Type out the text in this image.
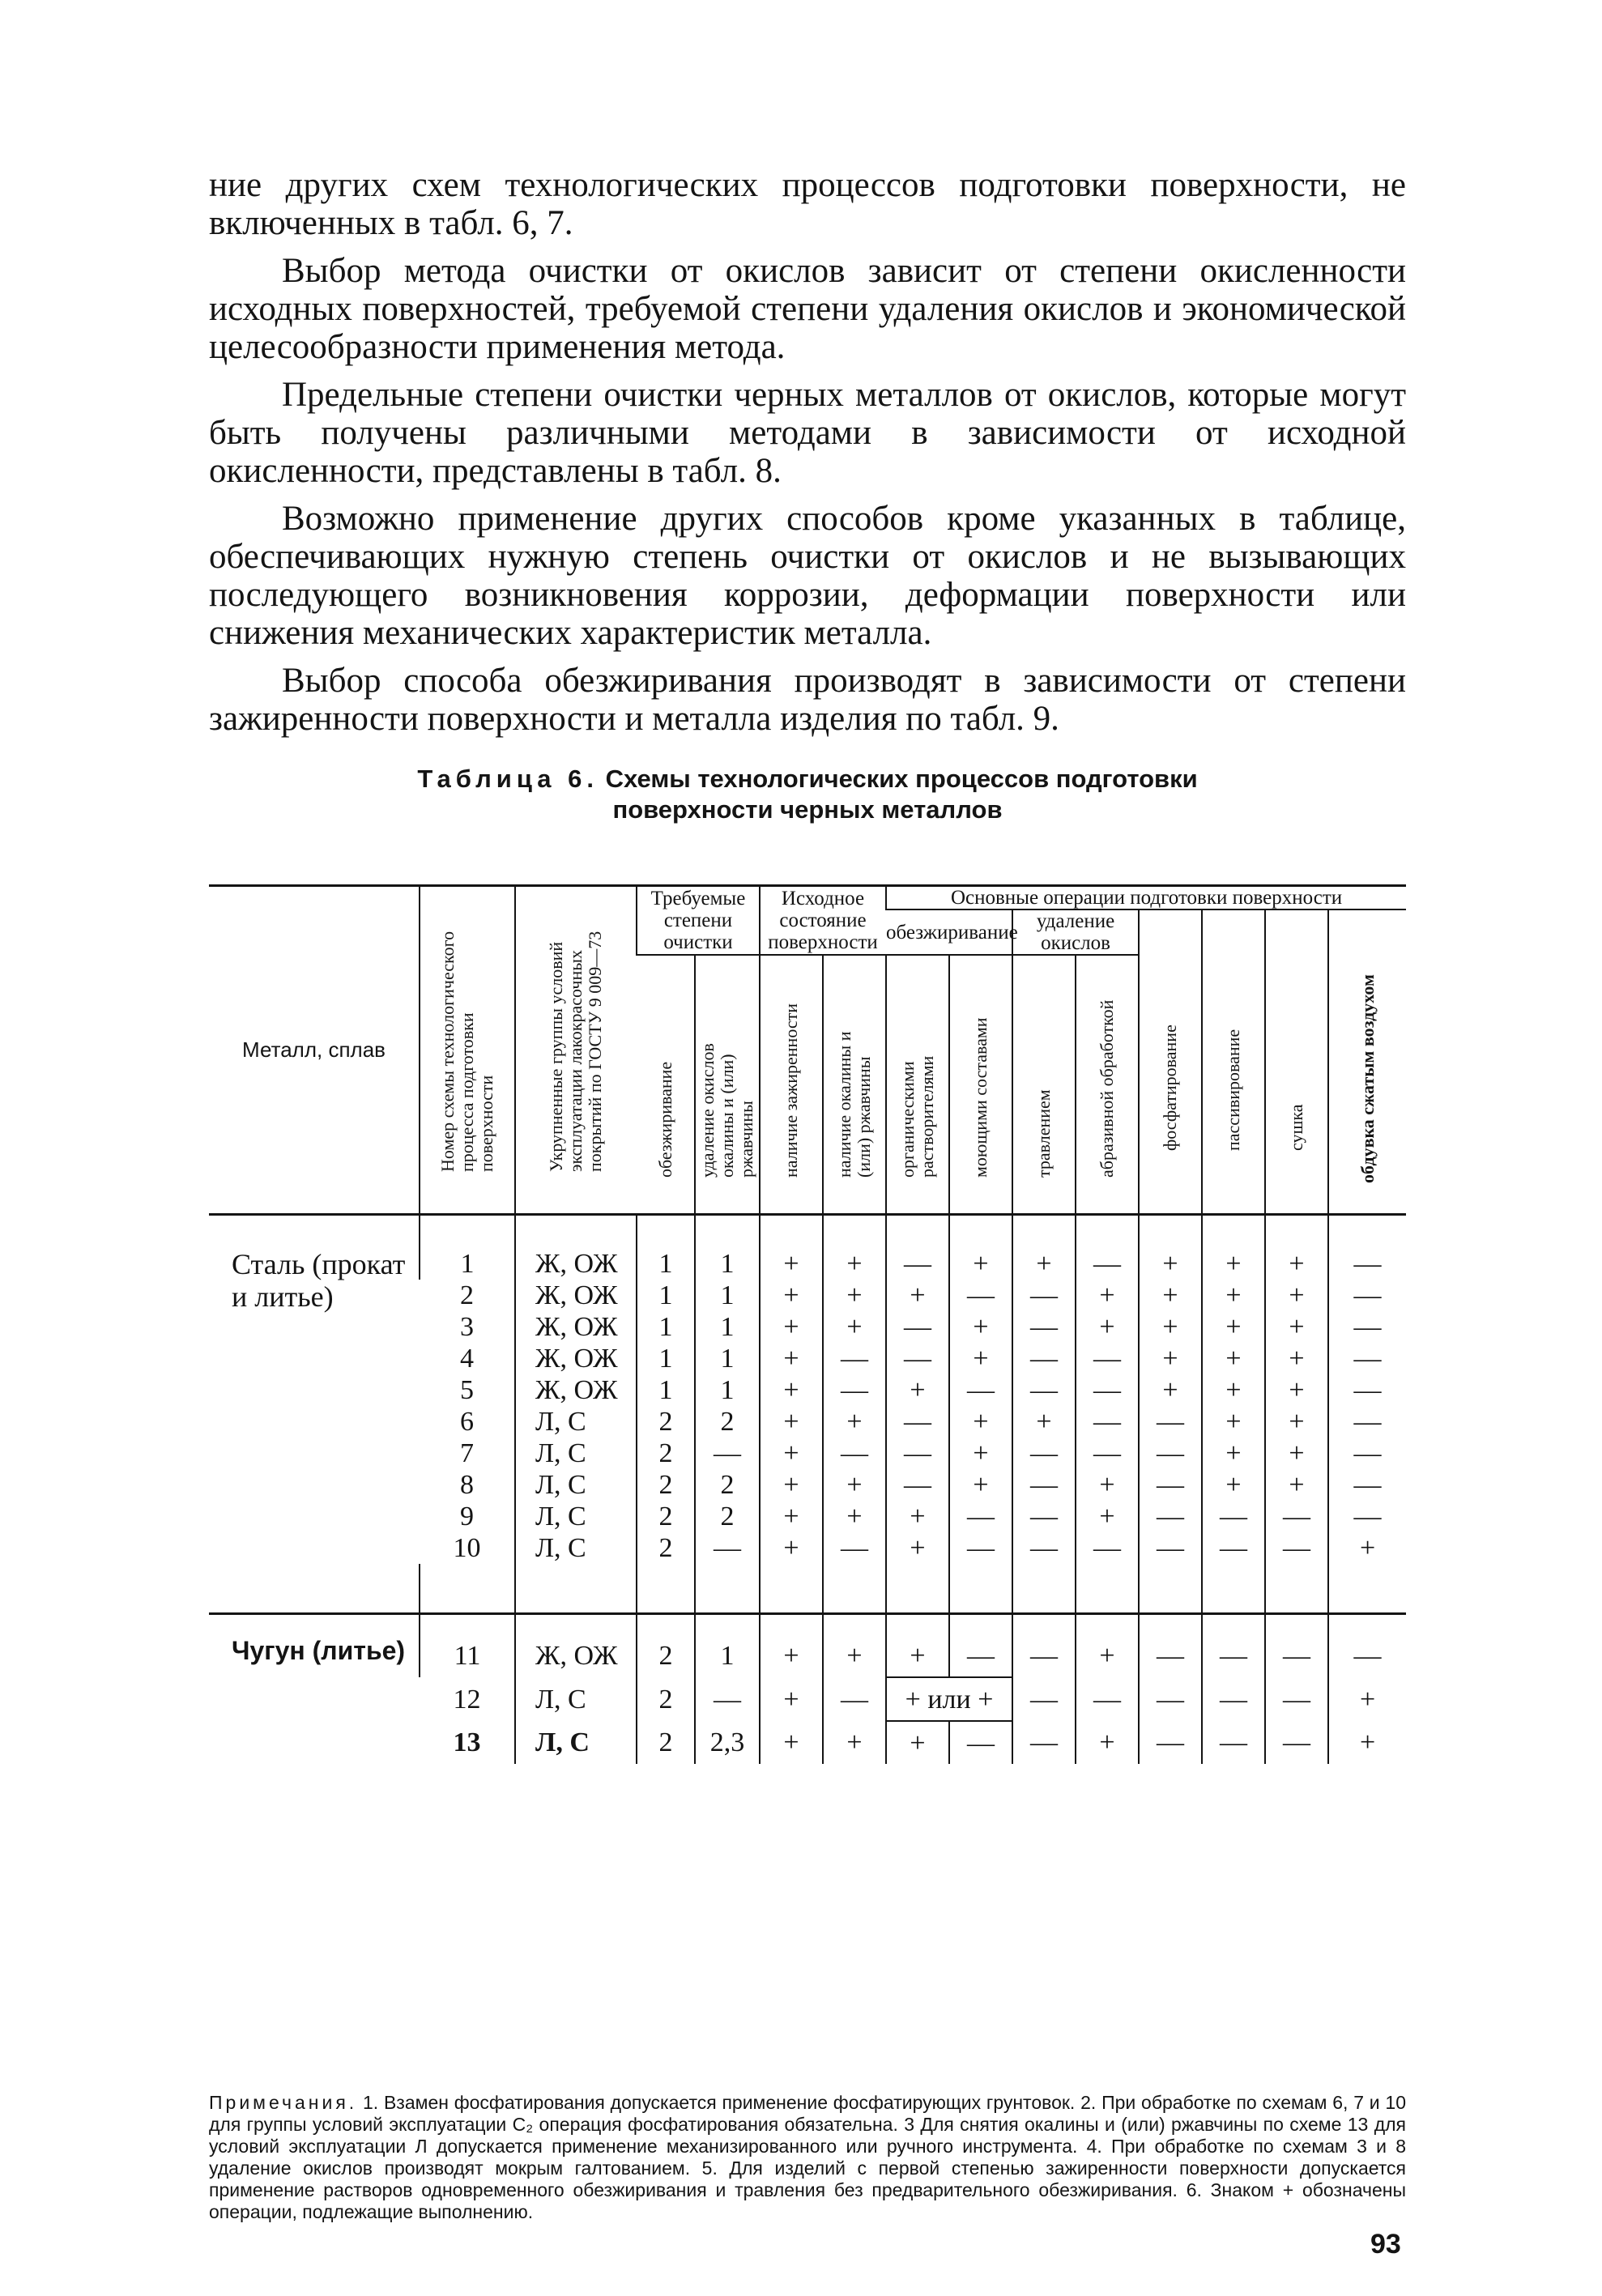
ние других схем технологических процессов подготовки поверхности, не включенных в табл. 6, 7.

Выбор метода очистки от окислов зависит от степени окисленности исходных поверхностей, требуемой степени удаления окислов и экономической целесообразности применения метода.

Предельные степени очистки черных металлов от окислов, которые могут быть получены различными методами в зависимости от исходной окисленности, представлены в табл. 8.

Возможно применение других способов кроме указанных в таблице, обеспечивающих нужную степень очистки от окислов и не вызывающих последующего возникновения коррозии, деформации поверхности или снижения механических характеристик металла.

Выбор способа обезжиривания производят в зависимости от степени зажиренности поверхности и металла изделия по табл. 9.

Таблица 6. Схемы технологических процессов подготовки
поверхности черных металлов
Металл, сплав	Номер схемы технологического процесса подготовки поверхности	Укрупненные группы условий эксплуатации лакокрасочных покрытий по ГОСТУ 9 009—73	Требуемые степени очистки		Исходное состояние поверхности		Основные операции подготовки поверхности							
							обезжиривание		удаление окислов		фосфатирование	пассивирование	сушка	обдувка сжатым воздухом

			обезжиривание	удаление окислов окалины и (или) ржавчины	наличие зажиренности	наличие окалины и (или) ржавчины	органическими растворителями	моющими составами	травлением	абразивной обработкой				

Сталь (прокат и литье)	1	Ж, ОЖ	1	1	+	+	—	+	+	—	+	+	+	—
	2	Ж, ОЖ	1	1	+	+	+	—	—	+	+	+	+	—
	3	Ж, ОЖ	1	1	+	+	—	+	—	+	+	+	+	—
	4	Ж, ОЖ	1	1	+	—	—	+	—	—	+	+	+	—
	5	Ж, ОЖ	1	1	+	—	+	—	—	—	+	+	+	—
	6	Л, С	2	2	+	+	—	+	+	—	—	+	+	—
	7	Л, С	2	—	+	—	—	+	—	—	—	+	+	—
	8	Л, С	2	2	+	+	—	+	—	+	—	+	+	—
	9	Л, С	2	2	+	+	+	—	—	+	—	—	—	—
	10	Л, С	2	—	+	—	+	—	—	—	—	—	—	+

Чугун (литье)	11	Ж, ОЖ	2	1	+	+	+	—	—	+	—	—	—	—
	12	Л, С	2	—	+	—	+ или +		—	—	—	—	—	+
	13	Л, С	2	2,3	+	+	+	—	—	+	—	—	—	+
Примечания. 1. Взамен фосфатирования допускается применение фосфатирующих грунтовок. 2. При обработке по схемам 6, 7 и 10 для группы условий эксплуатации С₂ операция фосфатирования обязательна. 3 Для снятия окалины и (или) ржавчины по схеме 13 для условий эксплуатации Л допускается применение механизированного или ручного инструмента. 4. При обработке по схемам 3 и 8 удаление окислов производят мокрым галтованием. 5. Для изделий с первой степенью зажиренности поверхности допускается применение растворов одновременного обезжиривания и травления без предварительного обезжиривания. 6. Знаком + обозначены операции, подлежащие выполнению.
93
